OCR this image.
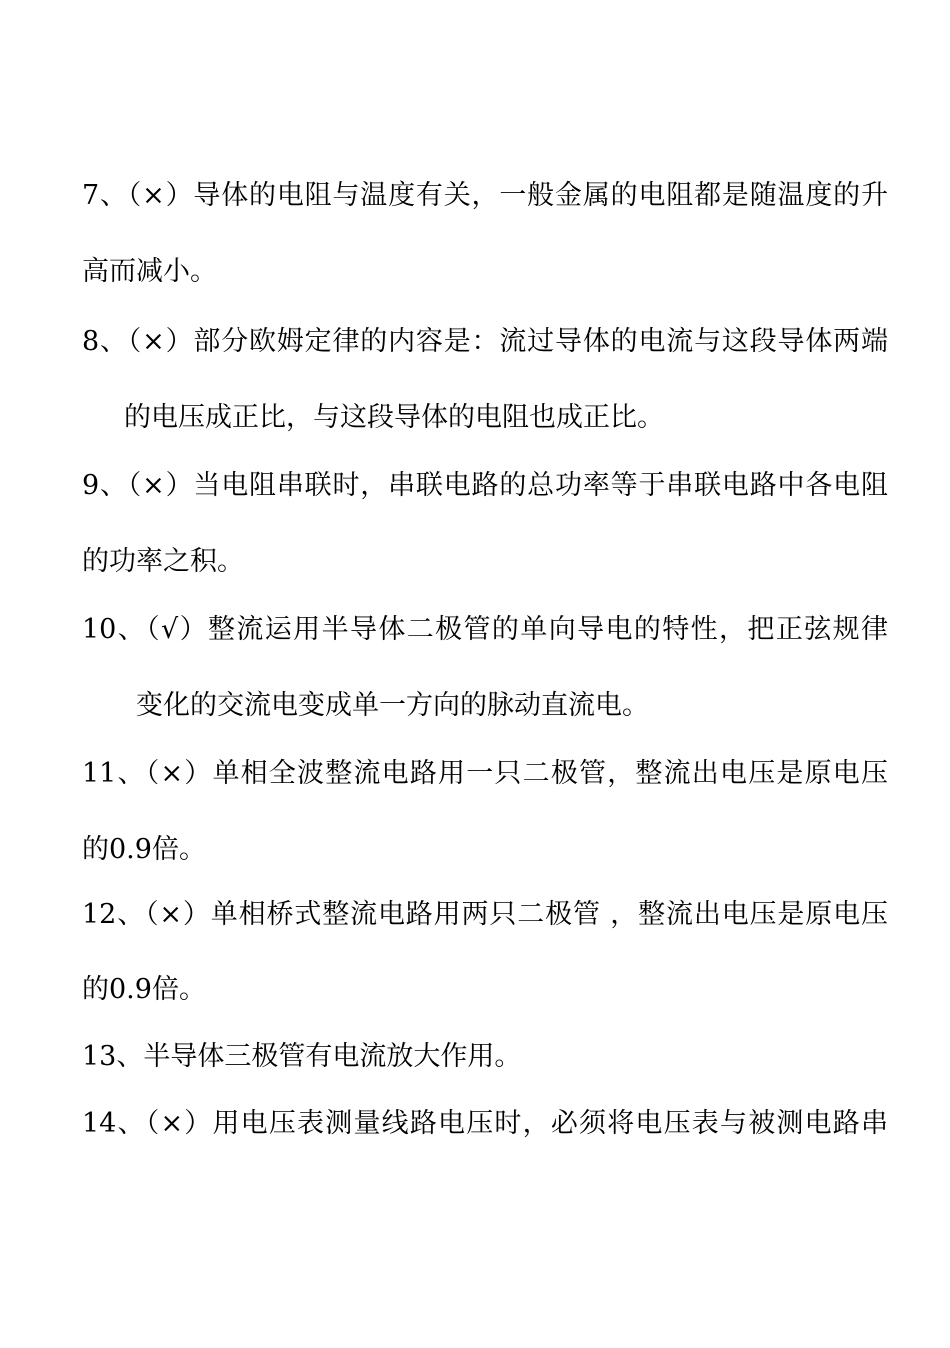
7、（×）导体的电阻与温度有关，一般金属的电阻都是随温度的升
高而减小。
8、（×）部分欧姆定律的内容是：流过导体的电流与这段导体两端
的电压成正比，与这段导体的电阻也成正比。
9、（×）当电阻串联时，串联电路的总功率等于串联电路中各电阻
的功率之积。
10、（√）整流运用半导体二极管的单向导电的特性，把正弦规律
变化的交流电变成单一方向的脉动直流电。
11、（×）单相全波整流电路用一只二极管，整流出电压是原电压
的0.9倍。
12、（×）单相桥式整流电路用两只二极管 ，整流出电压是原电压
的0.9倍。
13、半导体三极管有电流放大作用。
14、（×）用电压表测量线路电压时，必须将电压表与被测电路串
